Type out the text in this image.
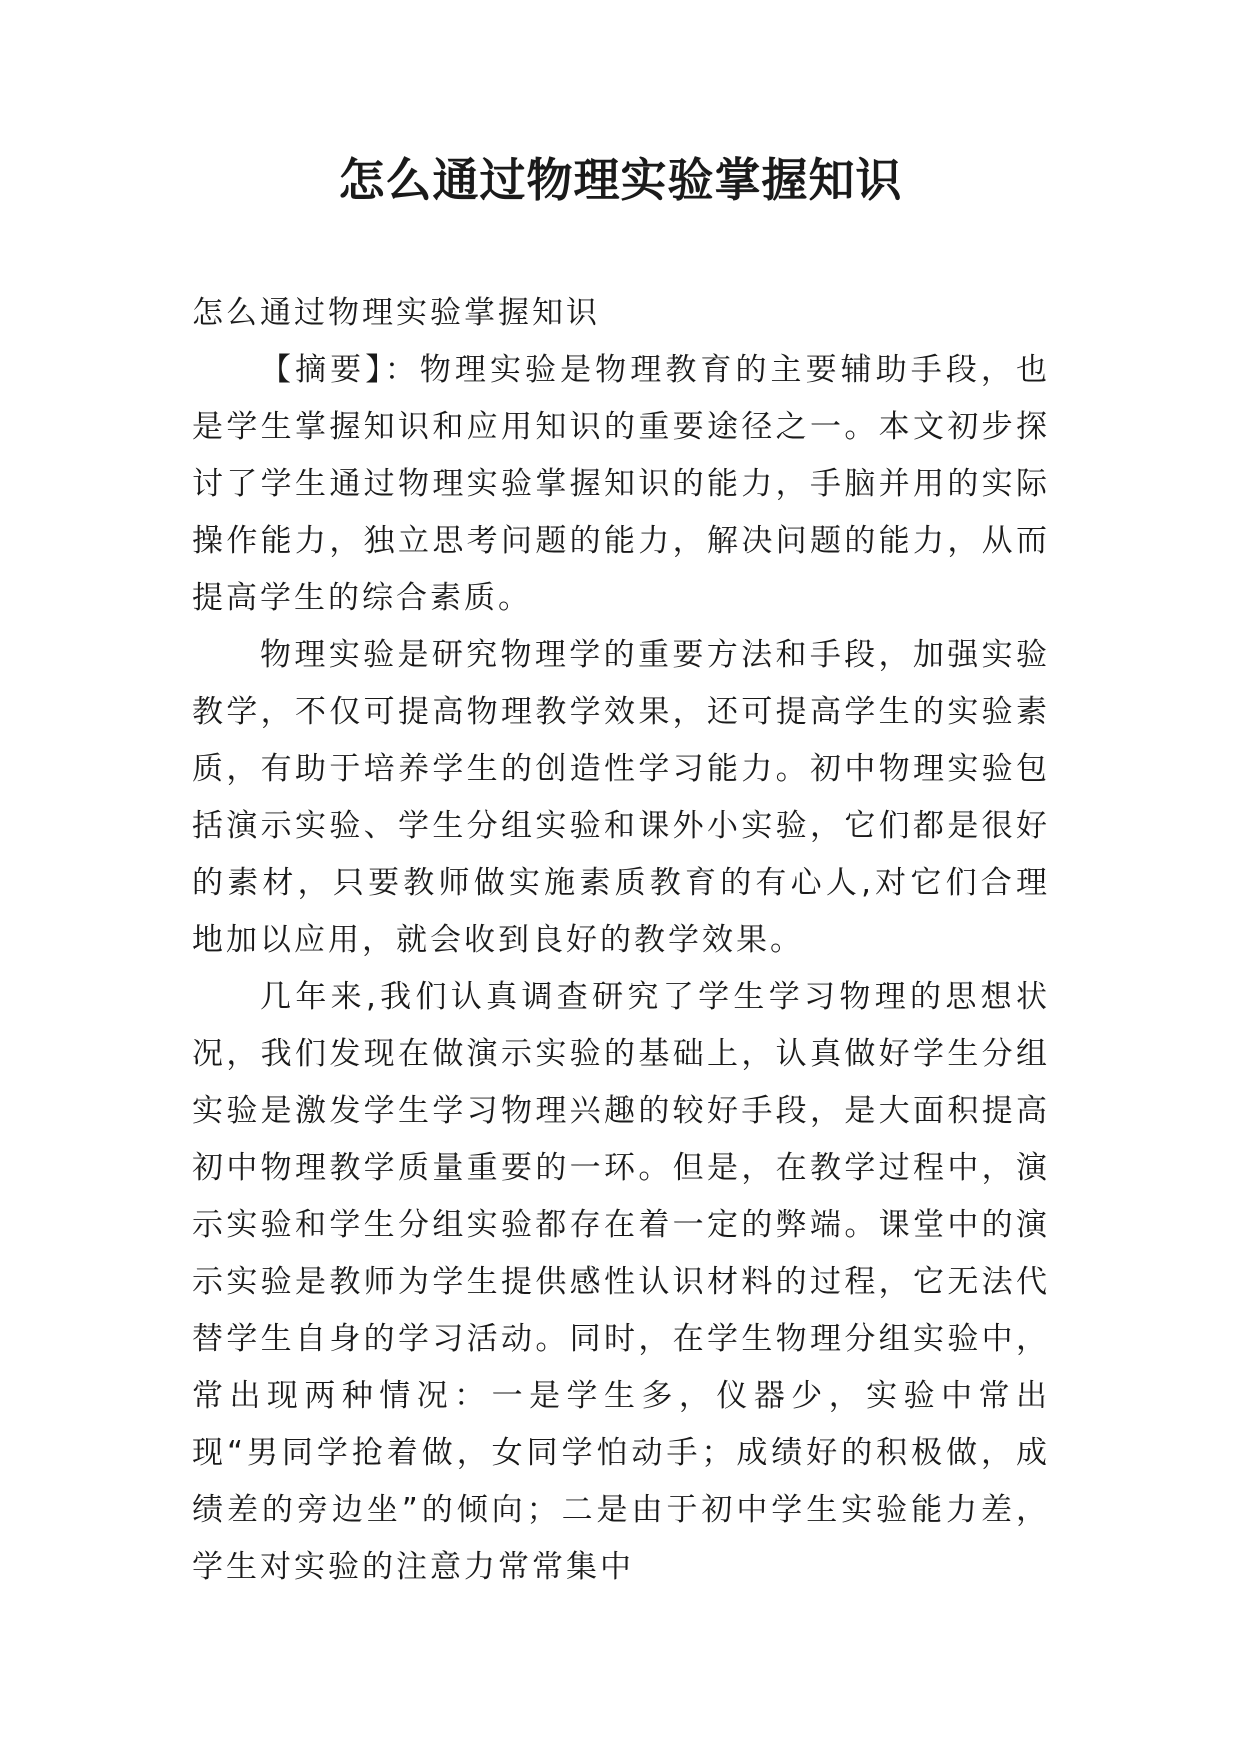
怎么通过物理实验掌握知识

怎么通过物理实验掌握知识

【摘要】：物理实验是物理教育的主要辅助手段，也是学生掌握知识和应用知识的重要途径之一。本文初步探讨了学生通过物理实验掌握知识的能力，手脑并用的实际操作能力，独立思考问题的能力，解决问题的能力，从而提高学生的综合素质。

物理实验是研究物理学的重要方法和手段，加强实验教学，不仅可提高物理教学效果，还可提高学生的实验素质，有助于培养学生的创造性学习能力。初中物理实验包括演示实验、学生分组实验和课外小实验，它们都是很好的素材，只要教师做实施素质教育的有心人,对它们合理地加以应用，就会收到良好的教学效果。

几年来,我们认真调查研究了学生学习物理的思想状况，我们发现在做演示实验的基础上，认真做好学生分组实验是激发学生学习物理兴趣的较好手段，是大面积提高初中物理教学质量重要的一环。但是，在教学过程中，演示实验和学生分组实验都存在着一定的弊端。课堂中的演示实验是教师为学生提供感性认识材料的过程，它无法代替学生自身的学习活动。同时，在学生物理分组实验中，常出现两种情况：一是学生多，仪器少，实验中常出现“男同学抢着做，女同学怕动手；成绩好的积极做，成绩差的旁边坐”的倾向；二是由于初中学生实验能力差，学生对实验的注意力常常集中
